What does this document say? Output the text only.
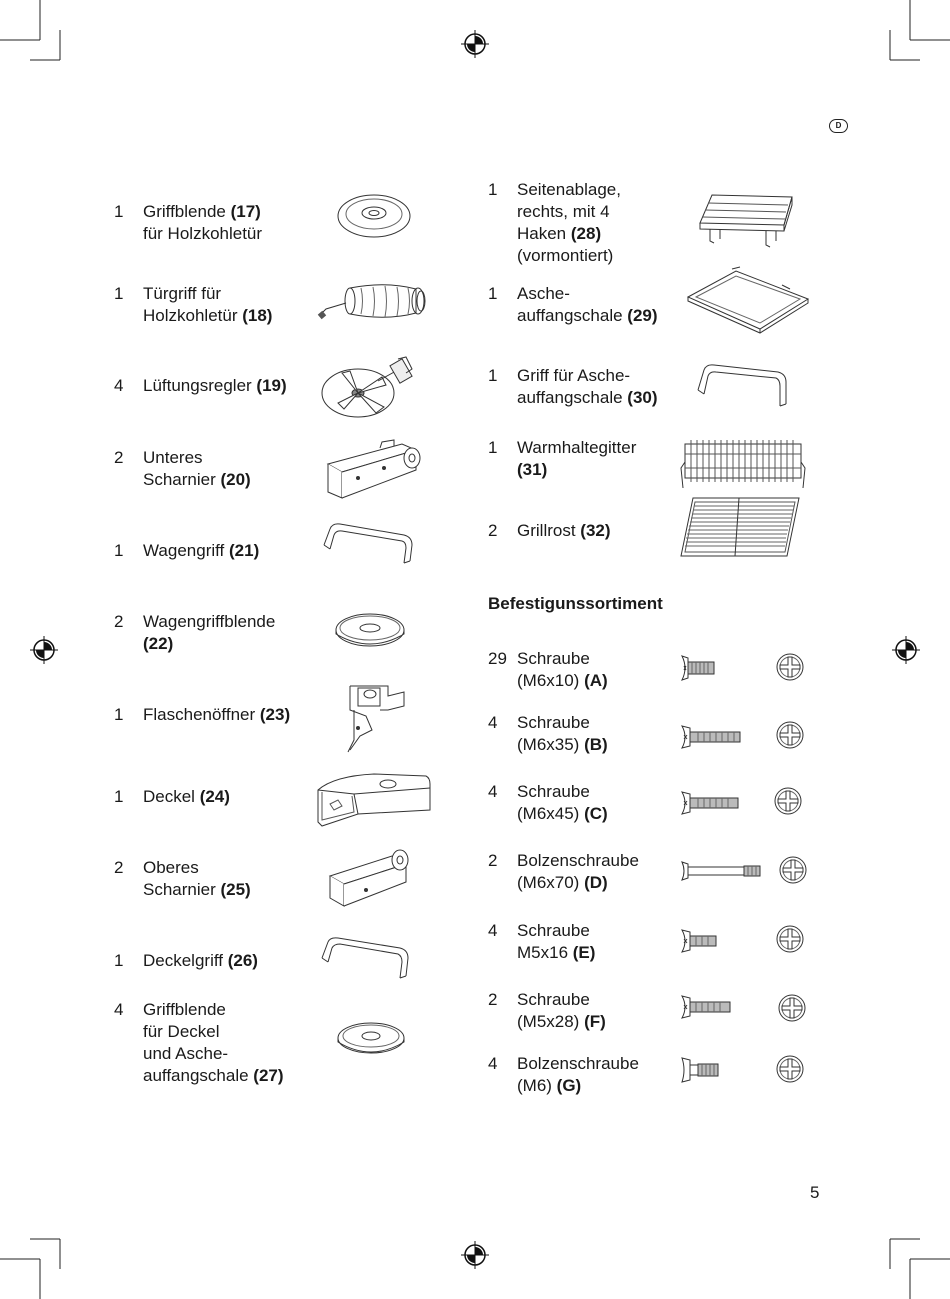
D
1 Griffblende (17)
für Holzkohletür
1 Türgriff für
Holzkohletür (18)
4 Lüftungsregler (19)
2 Unteres
Scharnier (20)
1 Wagengriff (21)
2 Wagengriffblende
(22)
1 Flaschenöffner (23)
1 Deckel (24)
2 Oberes
Scharnier (25)
1 Deckelgriff (26)
4 Griffblende
für Deckel
und Asche-
auffangschale (27)
1 Seitenablage,
rechts, mit 4
Haken (28)
(vormontiert)
1 Asche-
auffangschale (29)
1 Griff für Asche-
auffangschale (30)
1 Warmhaltegitter
(31)
2 Grillrost (32)
Befestigunssortiment
29 Schraube
(M6x10) (A)
4 Schraube
(M6x35) (B)
4 Schraube
(M6x45) (C)
2 Bolzenschraube
(M6x70) (D)
4 Schraube
M5x16 (E)
2 Schraube
(M5x28) (F)
4 Bolzenschraube
(M6) (G)
5
